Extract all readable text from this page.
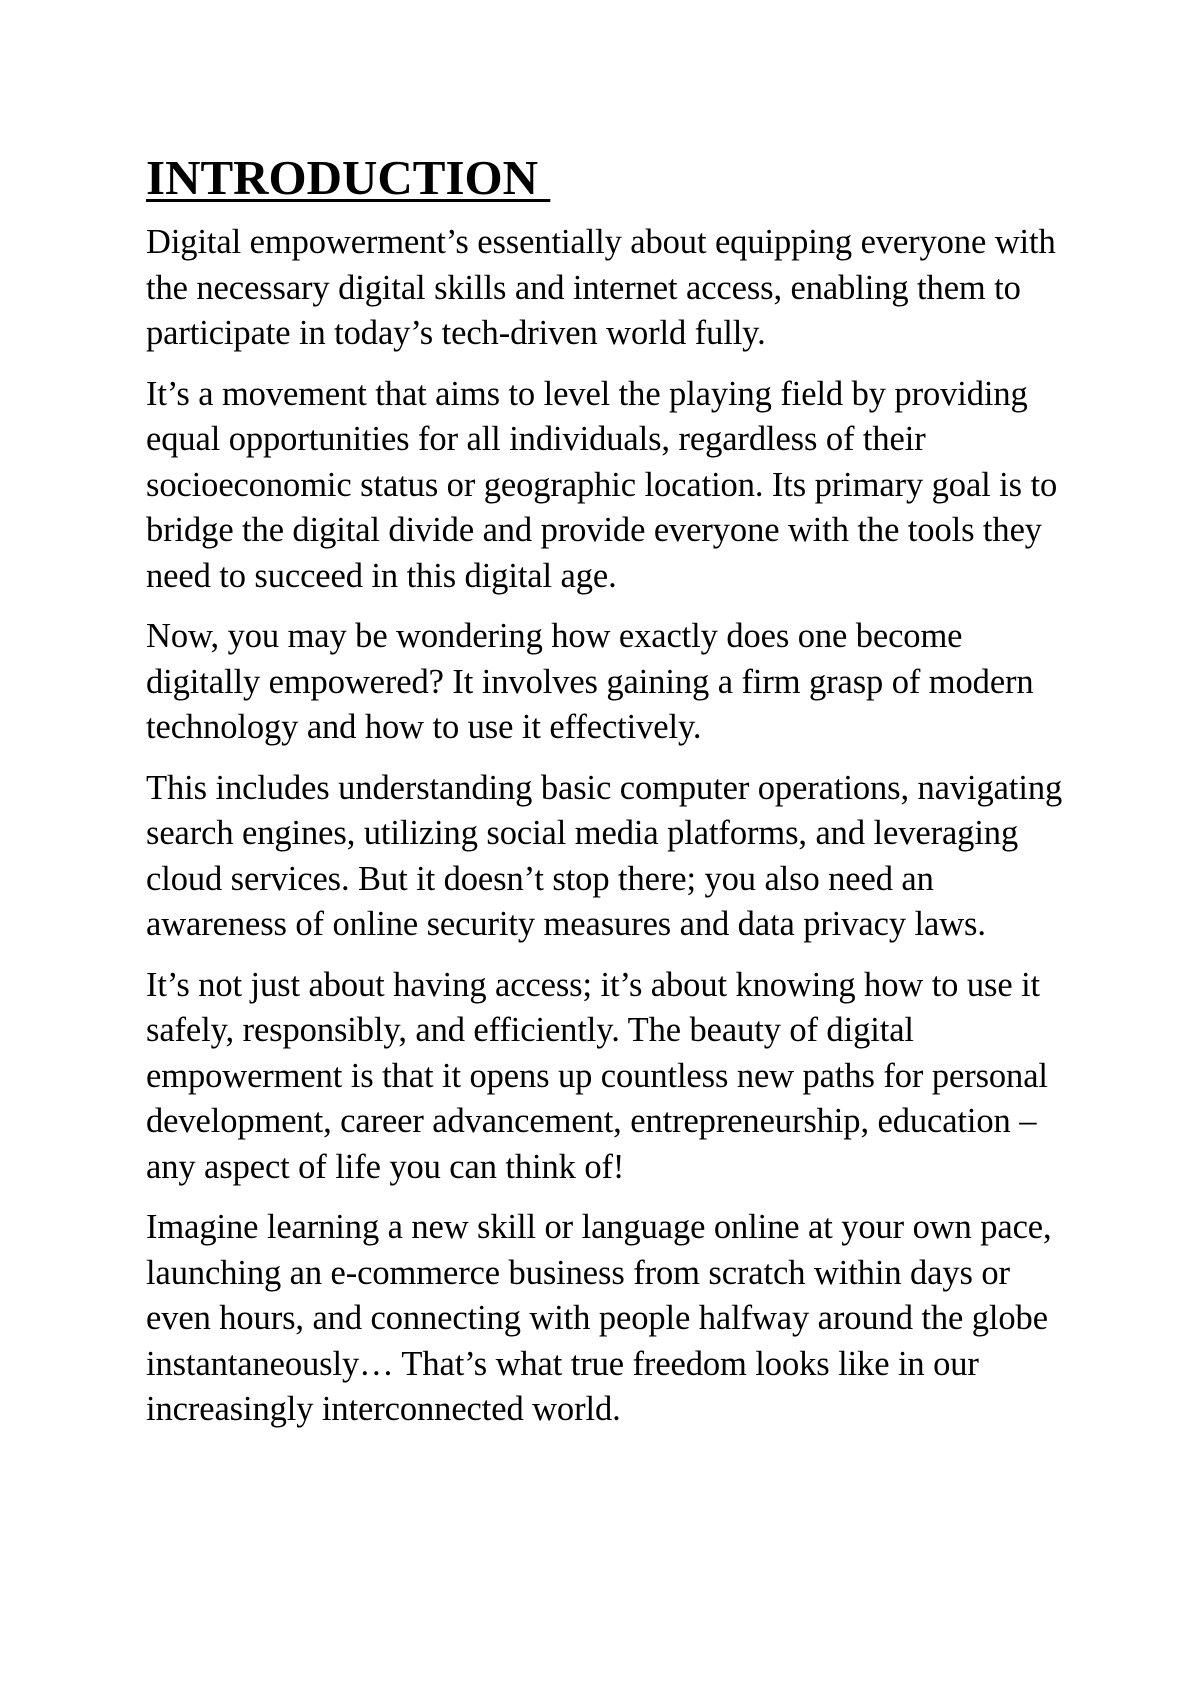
INTRODUCTION

Digital empowerment’s essentially about equipping everyone with the necessary digital skills and internet access, enabling them to participate in today’s tech-driven world fully.

It’s a movement that aims to level the playing field by providing equal opportunities for all individuals, regardless of their socioeconomic status or geographic location. Its primary goal is to bridge the digital divide and provide everyone with the tools they need to succeed in this digital age.

Now, you may be wondering how exactly does one become digitally empowered? It involves gaining a firm grasp of modern technology and how to use it effectively.

This includes understanding basic computer operations, navigating search engines, utilizing social media platforms, and leveraging cloud services. But it doesn’t stop there; you also need an awareness of online security measures and data privacy laws.

It’s not just about having access; it’s about knowing how to use it safely, responsibly, and efficiently. The beauty of digital empowerment is that it opens up countless new paths for personal development, career advancement, entrepreneurship, education – any aspect of life you can think of!

Imagine learning a new skill or language online at your own pace, launching an e-commerce business from scratch within days or even hours, and connecting with people halfway around the globe instantaneously… That’s what true freedom looks like in our increasingly interconnected world.
